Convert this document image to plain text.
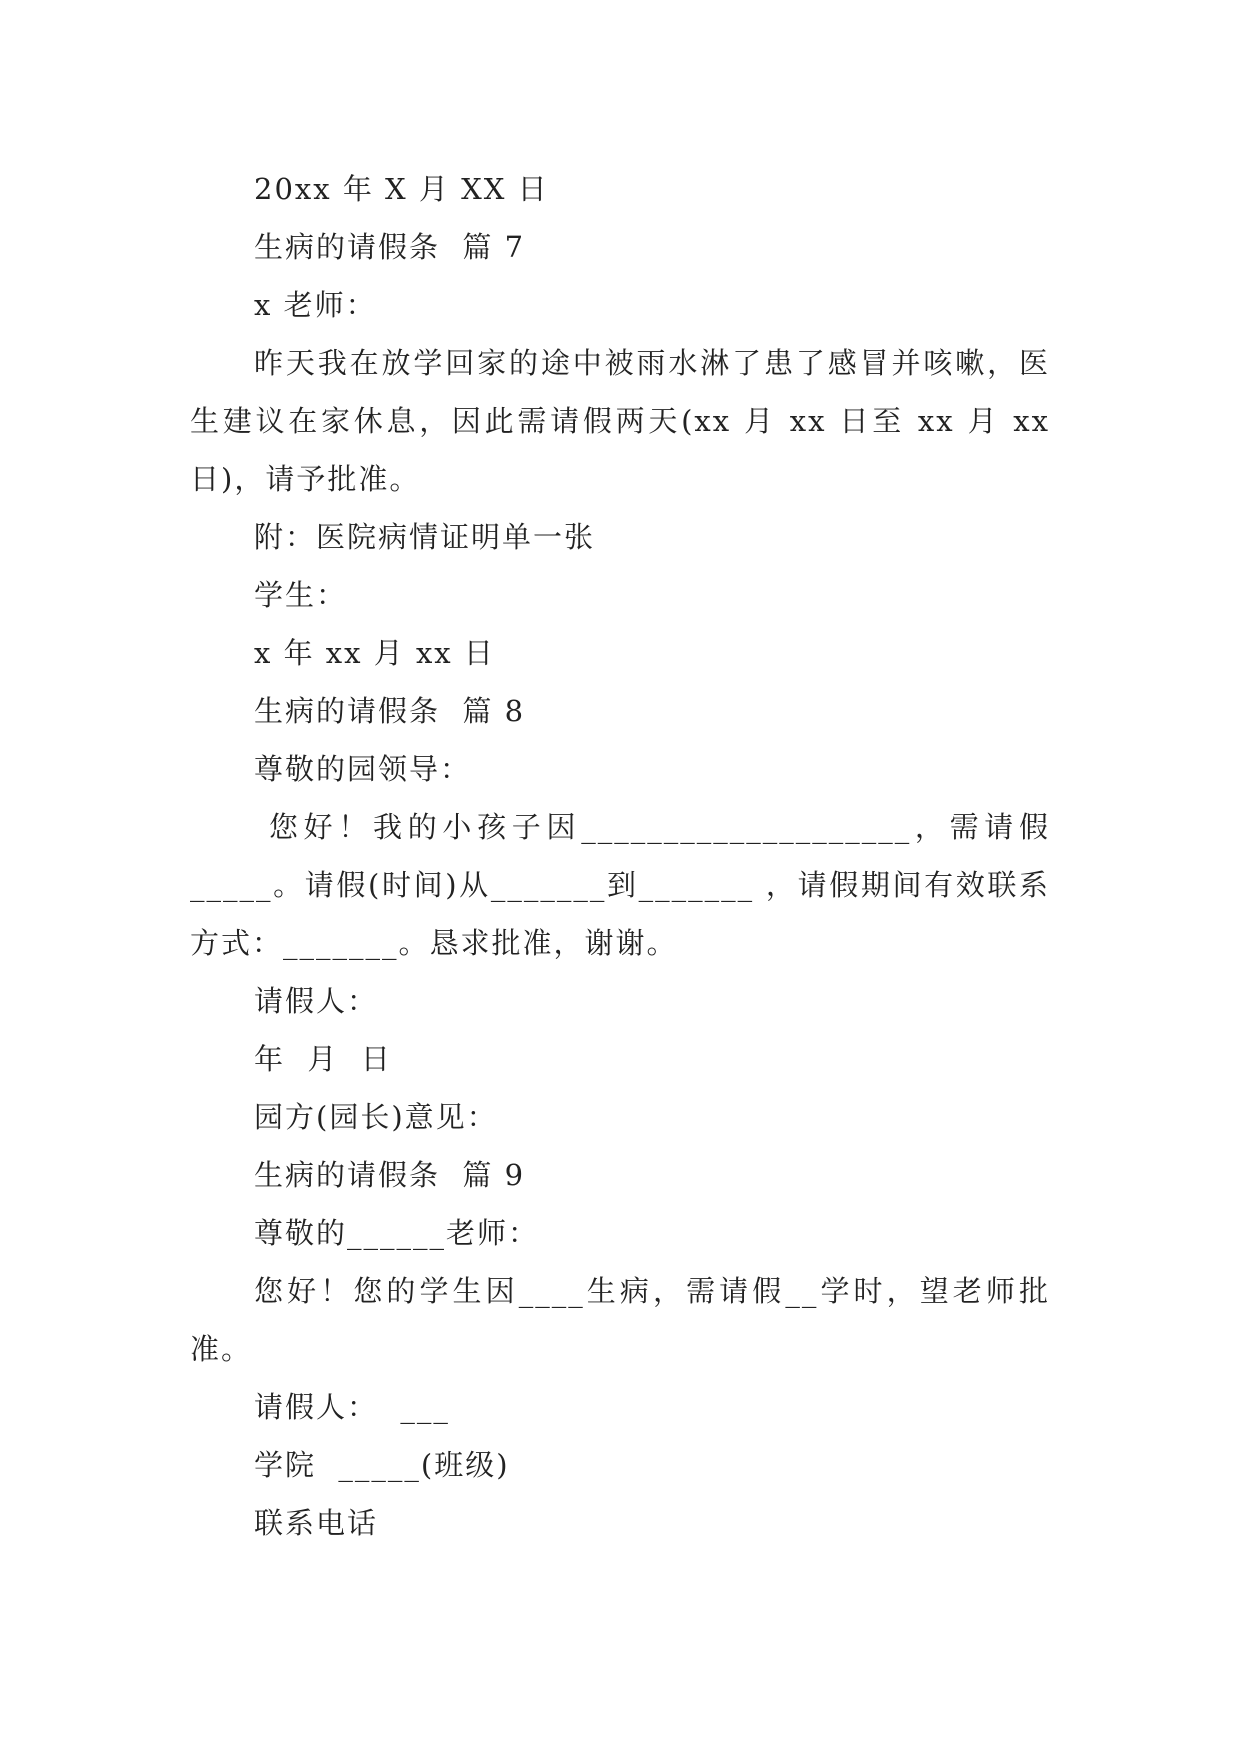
20xx 年 X 月 XX 日
生病的请假条  篇 7
x 老师：
昨天我在放学回家的途中被雨水淋了患了感冒并咳嗽，医生建议在家休息，因此需请假两天(xx 月 xx 日至 xx 月 xx 日)，请予批准。
附：医院病情证明单一张
学生：
x 年 xx 月 xx 日
生病的请假条  篇 8
尊敬的园领导：
您好！我的小孩子因____________________，需请假_____。请假(时间)从_______到_______ ，请假期间有效联系方式：_______。恳求批准，谢谢。
请假人：
年  月  日
园方(园长)意见：
生病的请假条  篇 9
尊敬的______老师：
您好！您的学生因____生病，需请假__学时，望老师批准。
请假人：  ___
学院  _____(班级)
联系电话
